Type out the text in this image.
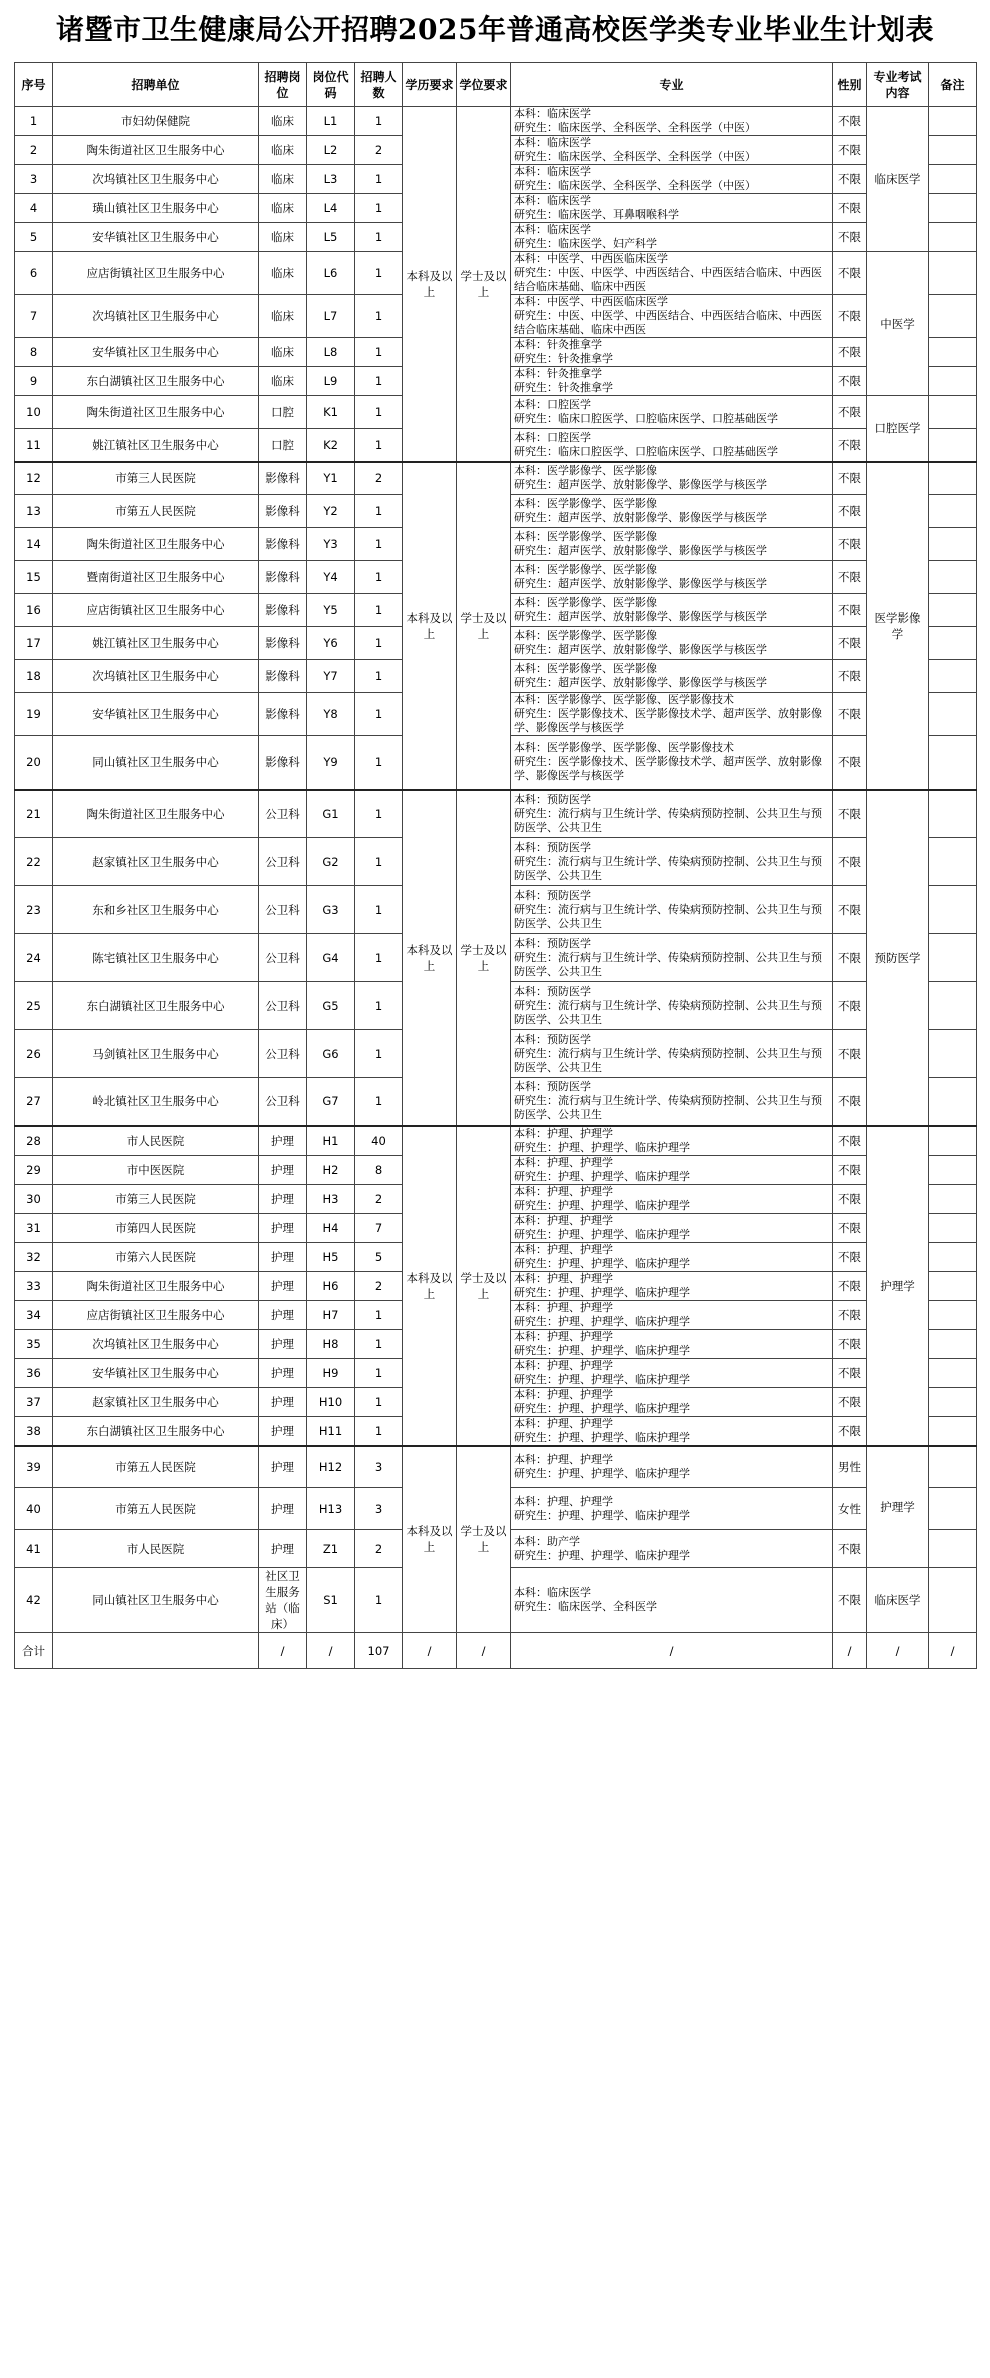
诸暨市卫生健康局公开招聘2025年普通高校医学类专业毕业生计划表
序号	招聘单位	招聘岗位	岗位代码	招聘人数	学历要求	学位要求	专业	性别	专业考试内容	备注
1	市妇幼保健院	临床	L1	1	本科及以上	学士及以上	本科：临床医学
研究生：临床医学、全科医学、全科医学（中医）	不限	临床医学	
2	陶朱街道社区卫生服务中心	临床	L2	2			本科：临床医学
研究生：临床医学、全科医学、全科医学（中医）	不限		
3	次坞镇社区卫生服务中心	临床	L3	1			本科：临床医学
研究生：临床医学、全科医学、全科医学（中医）	不限		
4	璜山镇社区卫生服务中心	临床	L4	1			本科：临床医学
研究生：临床医学、耳鼻咽喉科学	不限		
5	安华镇社区卫生服务中心	临床	L5	1			本科：临床医学
研究生：临床医学、妇产科学	不限		
6	应店街镇社区卫生服务中心	临床	L6	1			本科：中医学、中西医临床医学
研究生：中医、中医学、中西医结合、中西医结合临床、中西医结合临床基础、临床中西医	不限	中医学	
7	次坞镇社区卫生服务中心	临床	L7	1			本科：中医学、中西医临床医学
研究生：中医、中医学、中西医结合、中西医结合临床、中西医结合临床基础、临床中西医	不限		
8	安华镇社区卫生服务中心	临床	L8	1			本科：针灸推拿学
研究生：针灸推拿学	不限		
9	东白湖镇社区卫生服务中心	临床	L9	1			本科：针灸推拿学
研究生：针灸推拿学	不限		
10	陶朱街道社区卫生服务中心	口腔	K1	1			本科：口腔医学
研究生：临床口腔医学、口腔临床医学、口腔基础医学	不限	口腔医学	
11	姚江镇社区卫生服务中心	口腔	K2	1			本科：口腔医学
研究生：临床口腔医学、口腔临床医学、口腔基础医学	不限		
12	市第三人民医院	影像科	Y1	2	本科及以上	学士及以上	本科：医学影像学、医学影像
研究生：超声医学、放射影像学、影像医学与核医学	不限	医学影像学	
13	市第五人民医院	影像科	Y2	1			本科：医学影像学、医学影像
研究生：超声医学、放射影像学、影像医学与核医学	不限		
14	陶朱街道社区卫生服务中心	影像科	Y3	1			本科：医学影像学、医学影像
研究生：超声医学、放射影像学、影像医学与核医学	不限		
15	暨南街道社区卫生服务中心	影像科	Y4	1			本科：医学影像学、医学影像
研究生：超声医学、放射影像学、影像医学与核医学	不限		
16	应店街镇社区卫生服务中心	影像科	Y5	1			本科：医学影像学、医学影像
研究生：超声医学、放射影像学、影像医学与核医学	不限		
17	姚江镇社区卫生服务中心	影像科	Y6	1			本科：医学影像学、医学影像
研究生：超声医学、放射影像学、影像医学与核医学	不限		
18	次坞镇社区卫生服务中心	影像科	Y7	1			本科：医学影像学、医学影像
研究生：超声医学、放射影像学、影像医学与核医学	不限		
19	安华镇社区卫生服务中心	影像科	Y8	1			本科：医学影像学、医学影像、医学影像技术
研究生：医学影像技术、医学影像技术学、超声医学、放射影像学、影像医学与核医学	不限		
20	同山镇社区卫生服务中心	影像科	Y9	1			本科：医学影像学、医学影像、医学影像技术
研究生：医学影像技术、医学影像技术学、超声医学、放射影像学、影像医学与核医学	不限		
21	陶朱街道社区卫生服务中心	公卫科	G1	1	本科及以上	学士及以上	本科：预防医学
研究生：流行病与卫生统计学、传染病预防控制、公共卫生与预防医学、公共卫生	不限	预防医学	
22	赵家镇社区卫生服务中心	公卫科	G2	1			本科：预防医学
研究生：流行病与卫生统计学、传染病预防控制、公共卫生与预防医学、公共卫生	不限		
23	东和乡社区卫生服务中心	公卫科	G3	1			本科：预防医学
研究生：流行病与卫生统计学、传染病预防控制、公共卫生与预防医学、公共卫生	不限		
24	陈宅镇社区卫生服务中心	公卫科	G4	1			本科：预防医学
研究生：流行病与卫生统计学、传染病预防控制、公共卫生与预防医学、公共卫生	不限		
25	东白湖镇社区卫生服务中心	公卫科	G5	1			本科：预防医学
研究生：流行病与卫生统计学、传染病预防控制、公共卫生与预防医学、公共卫生	不限		
26	马剑镇社区卫生服务中心	公卫科	G6	1			本科：预防医学
研究生：流行病与卫生统计学、传染病预防控制、公共卫生与预防医学、公共卫生	不限		
27	岭北镇社区卫生服务中心	公卫科	G7	1			本科：预防医学
研究生：流行病与卫生统计学、传染病预防控制、公共卫生与预防医学、公共卫生	不限		
28	市人民医院	护理	H1	40	本科及以上	学士及以上	本科：护理、护理学
研究生：护理、护理学、临床护理学	不限	护理学	
29	市中医医院	护理	H2	8			本科：护理、护理学
研究生：护理、护理学、临床护理学	不限		
30	市第三人民医院	护理	H3	2			本科：护理、护理学
研究生：护理、护理学、临床护理学	不限		
31	市第四人民医院	护理	H4	7			本科：护理、护理学
研究生：护理、护理学、临床护理学	不限		
32	市第六人民医院	护理	H5	5			本科：护理、护理学
研究生：护理、护理学、临床护理学	不限		
33	陶朱街道社区卫生服务中心	护理	H6	2			本科：护理、护理学
研究生：护理、护理学、临床护理学	不限		
34	应店街镇社区卫生服务中心	护理	H7	1			本科：护理、护理学
研究生：护理、护理学、临床护理学	不限		
35	次坞镇社区卫生服务中心	护理	H8	1			本科：护理、护理学
研究生：护理、护理学、临床护理学	不限		
36	安华镇社区卫生服务中心	护理	H9	1			本科：护理、护理学
研究生：护理、护理学、临床护理学	不限		
37	赵家镇社区卫生服务中心	护理	H10	1			本科：护理、护理学
研究生：护理、护理学、临床护理学	不限		
38	东白湖镇社区卫生服务中心	护理	H11	1			本科：护理、护理学
研究生：护理、护理学、临床护理学	不限		
39	市第五人民医院	护理	H12	3	本科及以上	学士及以上	本科：护理、护理学
研究生：护理、护理学、临床护理学	男性	护理学	
40	市第五人民医院	护理	H13	3			本科：护理、护理学
研究生：护理、护理学、临床护理学	女性		
41	市人民医院	护理	Z1	2			本科：助产学
研究生：护理、护理学、临床护理学	不限		
42	同山镇社区卫生服务中心	社区卫生服务站（临床）	S1	1			本科：临床医学
研究生：临床医学、全科医学	不限	临床医学	
合计		/	/	107	/	/	/	/	/	/
